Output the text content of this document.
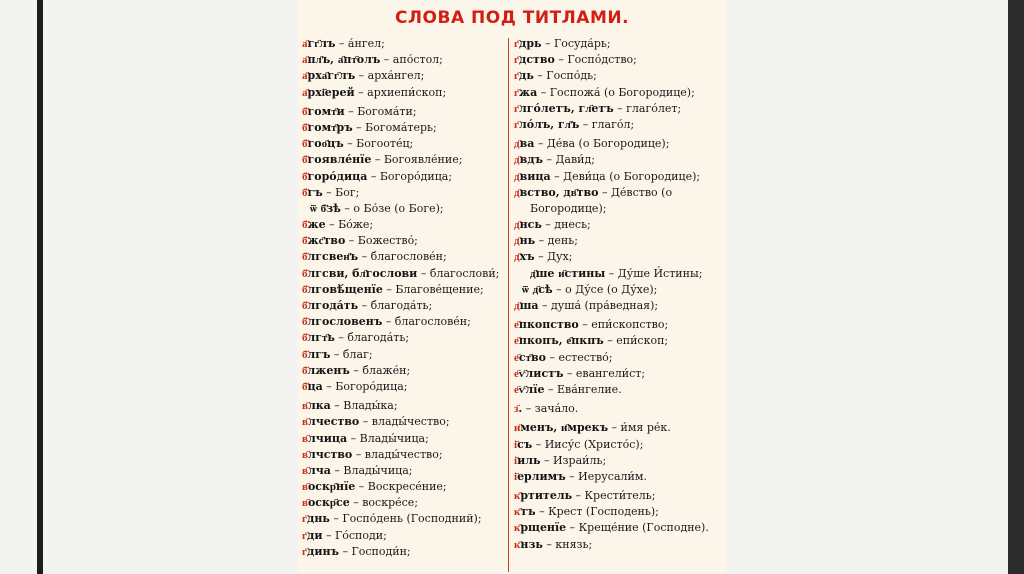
СЛОВА ПОД ТИТЛАМИ.
а҃гг҃лъ – а́нгел;
а҃пл҃ъ, а҃пт҃олъ – апо́стол;
а҃рха҃гг҃лъ – арха́нгел;
а҃рхі҃ерей – архиепи́скоп;
б҃гомт҃и – Богома́ти;
б҃гомт҃ръ – Богома́терь;
б҃гоо҃цъ – Богооте́ц;
б҃гоявле́нїе – Богоявле́ние;
б҃горо́дица – Богоро́дица;
б҃гъ – Бог;
ѿ б҃зѣ – о Бо́зе (о Боге);
б҃же – Бо́же;
б҃жс҃тво – Божество́;
б҃лгсвен҃ъ – благослове́н;
б҃лгсви, бл҃гослови – благослови́;
б҃лговѣ́щенїе – Благове́щение;
б҃лгода́ть – благода́ть;
б҃лгословенъ – благослове́н;
б҃лгт҃ь – благода́ть;
б҃лгъ – благ;
б҃лженъ – блаже́н;
б҃ца – Богоро́дица;
в҃лка – Влады́ка;
в҃лчество – влады́чество;
в҃лчица – Влады́чица;
в҃лчство – влады́чество;
в҃лча – Влады́чица;
в҃оскр҃нїе – Воскресе́ние;
в҃оскр҃се – воскре́се;
г҃днь – Госпо́день (Господний);
г҃ди – Го́споди;
г҃динъ – Господи́н;
г҃дрь – Госуда́рь;
г҃дство – Госпо́дство;
г҃дь – Госпо́дь;
г҃жа – Госпожа́ (о Богородице);
г҃лго́летъ, гл҃етъ – глаго́лет;
г҃ло́лъ, гл҃ъ – глаго́л;
д҃ва – Де́ва (о Богородице);
д҃вдъ – Дави́д;
д҃вица – Деви́ца (о Богородице);
д҃вство, дв҃тво – Де́вство (о
Богородице);
д҃нсь – днесь;
д҃нь – день;
д҃хъ – Дух;
д҃ше и҃стины – Ду́ше И́стины;
ѿ д҃сѣ – о Ду́се (о Ду́хе);
д҃ша – душа́ (пра́ведная);
е҃пкопство – епи́скопство;
е҃пкопъ, е҃пкпъ – епи́скоп;
е҃ст҃во – естество́;
е҃ѵ҃листъ – евангели́ст;
е҃ѵ҃лїе – Ева́нгелие.
з҃. – зача́ло.
и҃менъ, и҃мрекъ – и́мя ре́к.
і҃съ – Иису́с (Христо́с);
і҃иль – Израи́ль;
і҃ерлимъ – Иерусали́м.
к҃ртитель – Крести́тель;
к҃тъ – Крест (Господень);
к҃рщенїе – Креще́ние (Господне).
к҃нзь – князь;
